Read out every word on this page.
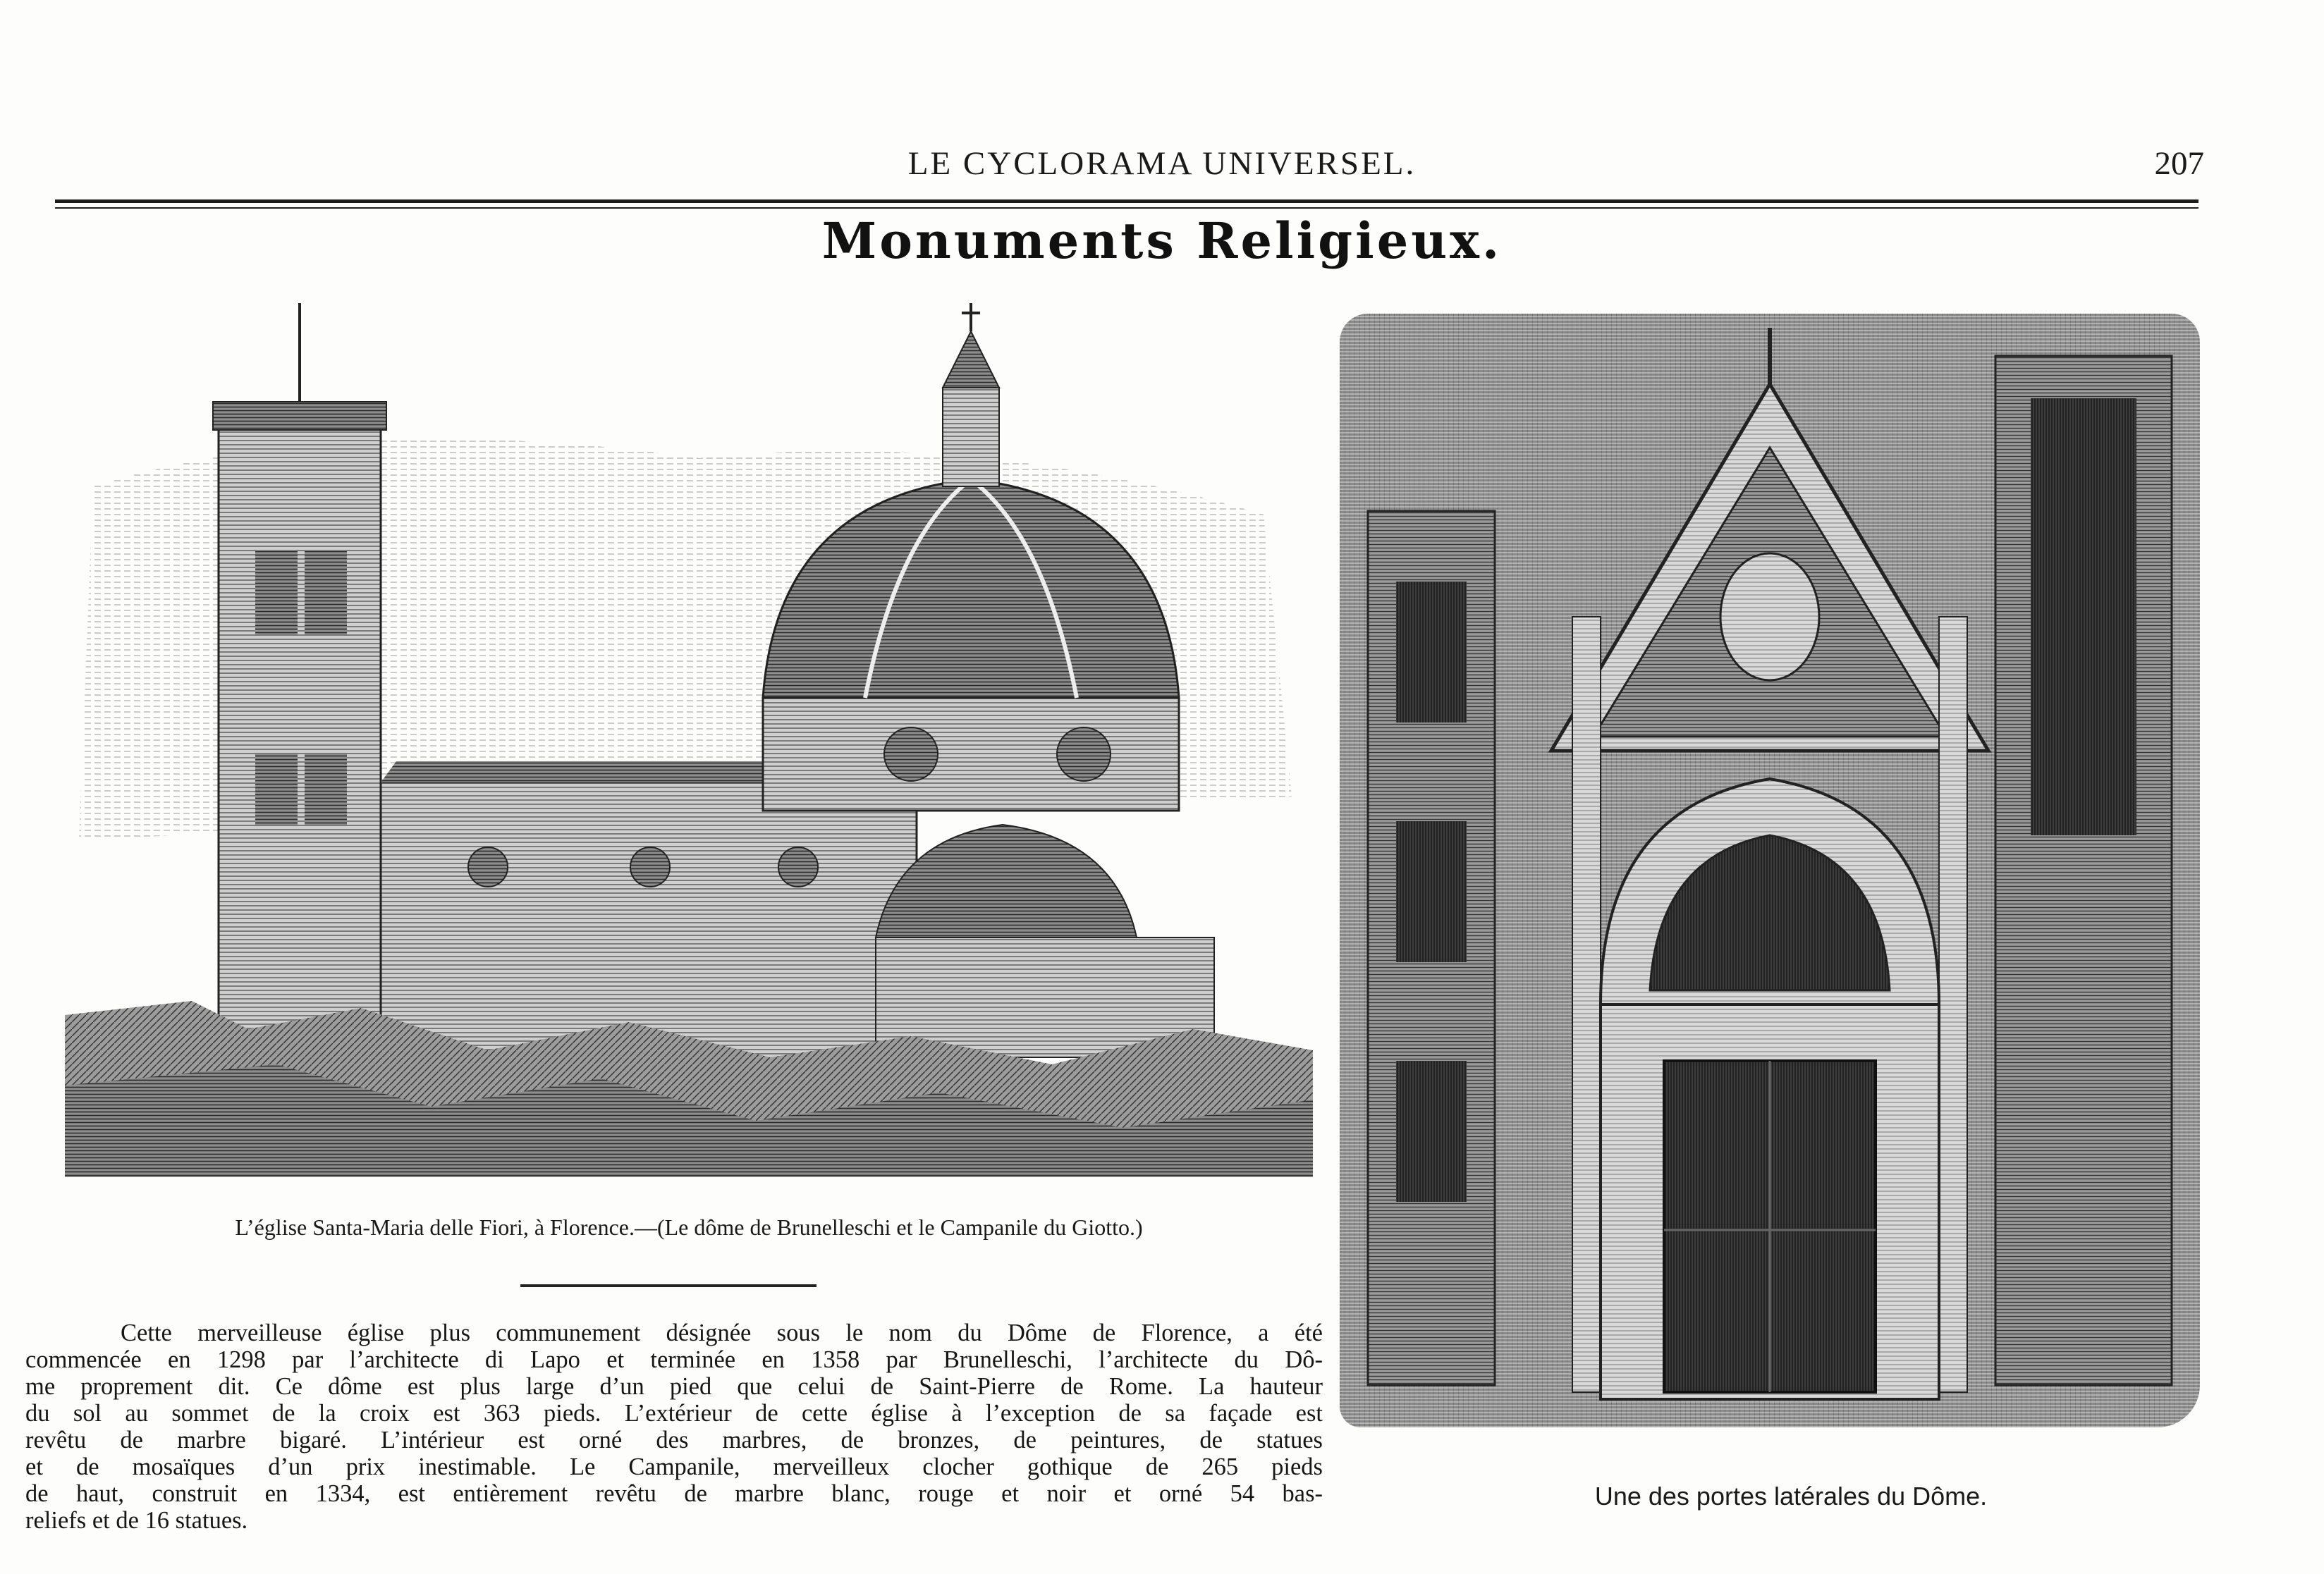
LE CYCLORAMA UNIVERSEL.	207
Monuments Religieux.
L’église Santa-Maria delle Fiori, à Florence.—(Le dôme de Brunelleschi et le Campanile du Giotto.)
Une des portes latérales du Dôme.
Cette merveilleuse église plus communement désignée sous le nom du Dôme de Florence, a été
commencée en 1298 par l’architecte di Lapo et terminée en 1358 par Brunelleschi, l’architecte du Dô-
me proprement dit. Ce dôme est plus large d’un pied que celui de Saint-Pierre de Rome. La hauteur
du sol au sommet de la croix est 363 pieds. L’extérieur de cette église à l’exception de sa façade est
revêtu de marbre bigaré. L’intérieur est orné des marbres, de bronzes, de peintures, de statues
et de mosaïques d’un prix inestimable. Le Campanile, merveilleux clocher gothique de 265 pieds
de haut, construit en 1334, est entièrement revêtu de marbre blanc, rouge et noir et orné 54 bas-
reliefs et de 16 statues.
